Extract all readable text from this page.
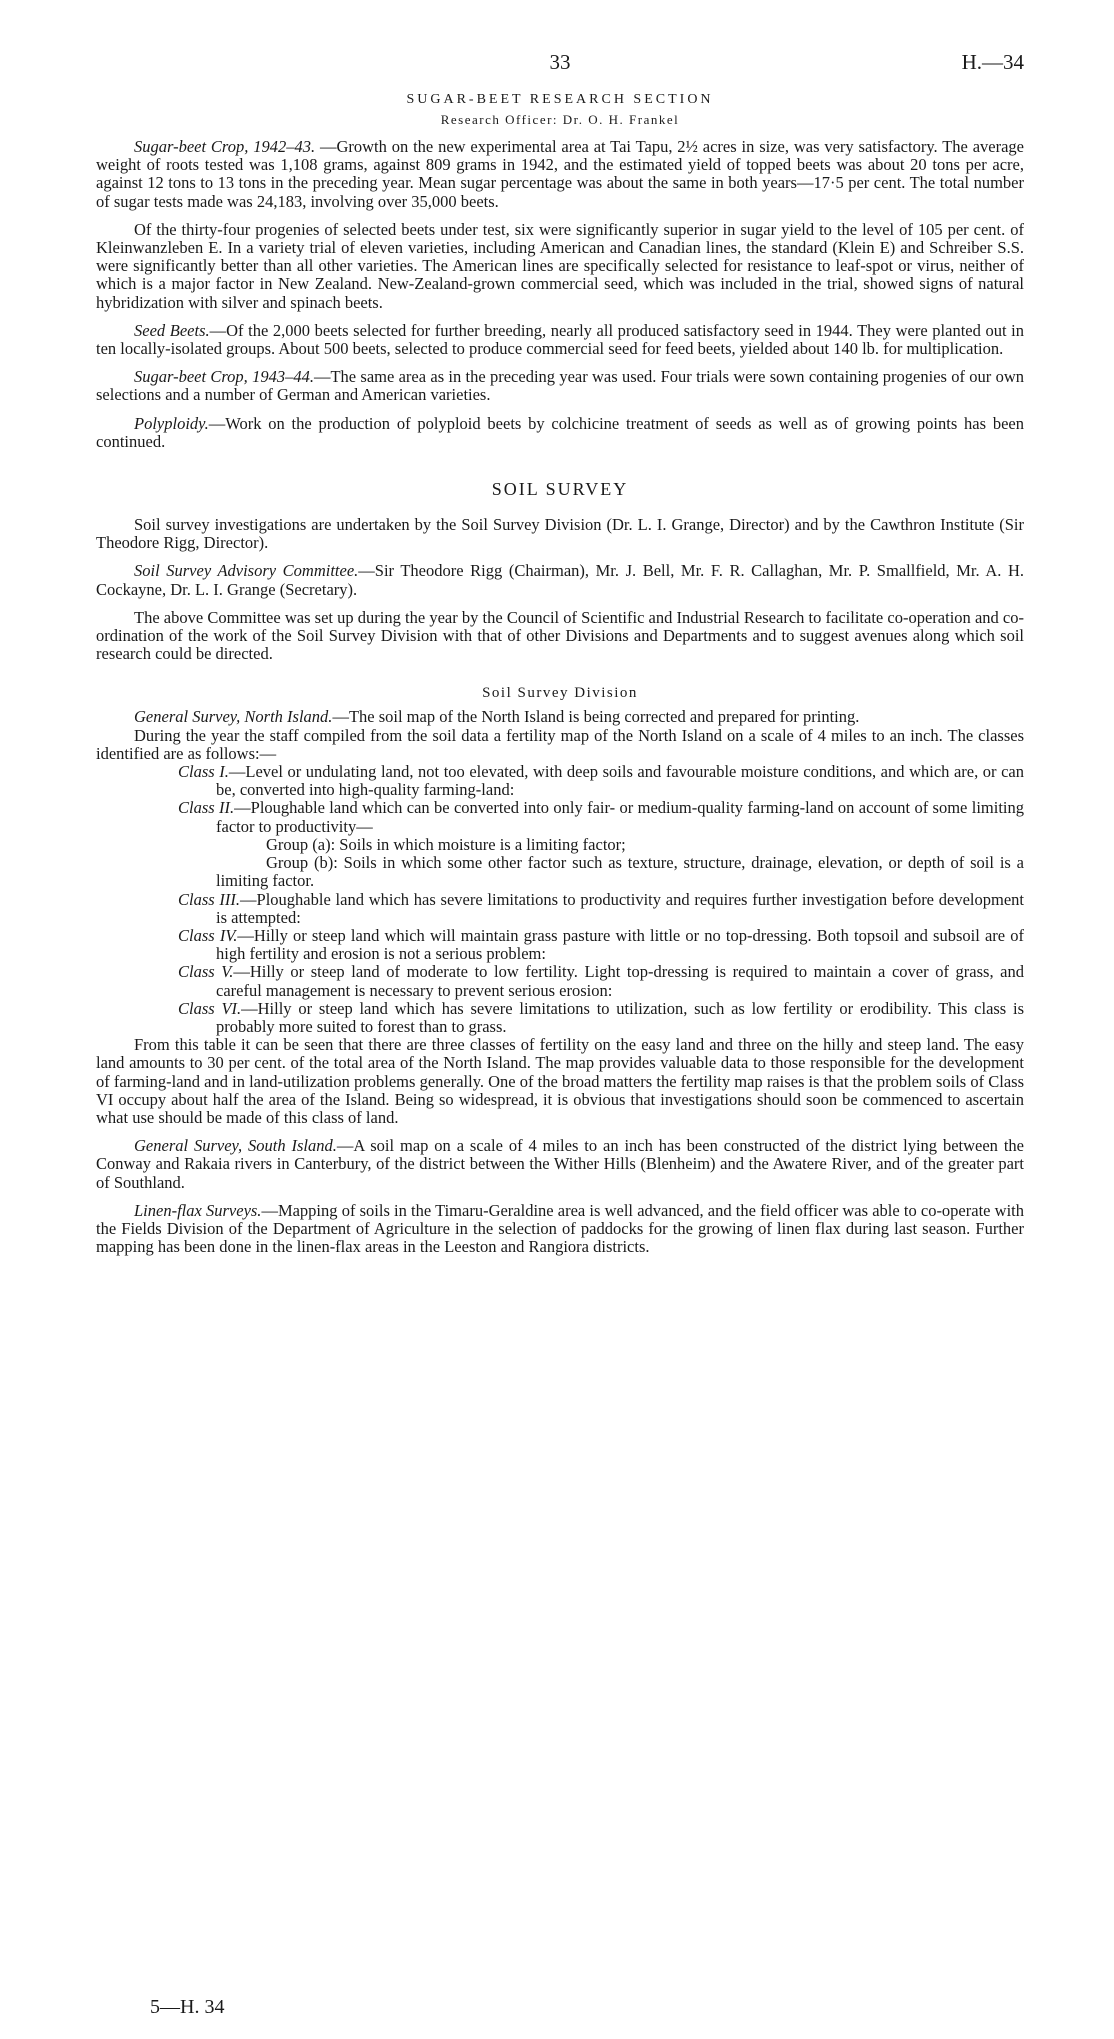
33	H.—34
SUGAR-BEET RESEARCH SECTION
Research Officer: Dr. O. H. Frankel

Sugar-beet Crop, 1942–43. —Growth on the new experimental area at Tai Tapu, 2½ acres in size, was very satisfactory. The average weight of roots tested was 1,108 grams, against 809 grams in 1942, and the estimated yield of topped beets was about 20 tons per acre, against 12 tons to 13 tons in the preceding year. Mean sugar percentage was about the same in both years—17·5 per cent. The total number of sugar tests made was 24,183, involving over 35,000 beets.

Of the thirty-four progenies of selected beets under test, six were significantly superior in sugar yield to the level of 105 per cent. of Kleinwanzleben E. In a variety trial of eleven varieties, including American and Canadian lines, the standard (Klein E) and Schreiber S.S. were significantly better than all other varieties. The American lines are specifically selected for resistance to leaf-spot or virus, neither of which is a major factor in New Zealand. New-Zealand-grown commercial seed, which was included in the trial, showed signs of natural hybridization with silver and spinach beets.

Seed Beets.—Of the 2,000 beets selected for further breeding, nearly all produced satisfactory seed in 1944. They were planted out in ten locally-isolated groups. About 500 beets, selected to produce commercial seed for feed beets, yielded about 140 lb. for multiplication.

Sugar-beet Crop, 1943–44.—The same area as in the preceding year was used. Four trials were sown containing progenies of our own selections and a number of German and American varieties.

Polyploidy.—Work on the production of polyploid beets by colchicine treatment of seeds as well as of growing points has been continued.

SOIL SURVEY

Soil survey investigations are undertaken by the Soil Survey Division (Dr. L. I. Grange, Director) and by the Cawthron Institute (Sir Theodore Rigg, Director).

Soil Survey Advisory Committee.—Sir Theodore Rigg (Chairman), Mr. J. Bell, Mr. F. R. Callaghan, Mr. P. Smallfield, Mr. A. H. Cockayne, Dr. L. I. Grange (Secretary).

The above Committee was set up during the year by the Council of Scientific and Industrial Research to facilitate co-operation and co-ordination of the work of the Soil Survey Division with that of other Divisions and Departments and to suggest avenues along which soil research could be directed.

Soil Survey Division

General Survey, North Island.—The soil map of the North Island is being corrected and prepared for printing.

During the year the staff compiled from the soil data a fertility map of the North Island on a scale of 4 miles to an inch. The classes identified are as follows:—

Class I.—Level or undulating land, not too elevated, with deep soils and favourable moisture conditions, and which are, or can be, converted into high-quality farming-land:
Class II.—Ploughable land which can be converted into only fair- or medium-quality farming-land on account of some limiting factor to productivity—
Group (a): Soils in which moisture is a limiting factor;
Group (b): Soils in which some other factor such as texture, structure, drainage, elevation, or depth of soil is a limiting factor.
Class III.—Ploughable land which has severe limitations to productivity and requires further investigation before development is attempted:
Class IV.—Hilly or steep land which will maintain grass pasture with little or no top-dressing. Both topsoil and subsoil are of high fertility and erosion is not a serious problem:
Class V.—Hilly or steep land of moderate to low fertility. Light top-dressing is required to maintain a cover of grass, and careful management is necessary to prevent serious erosion:
Class VI.—Hilly or steep land which has severe limitations to utilization, such as low fertility or erodibility. This class is probably more suited to forest than to grass.

From this table it can be seen that there are three classes of fertility on the easy land and three on the hilly and steep land. The easy land amounts to 30 per cent. of the total area of the North Island. The map provides valuable data to those responsible for the development of farming-land and in land-utilization problems generally. One of the broad matters the fertility map raises is that the problem soils of Class VI occupy about half the area of the Island. Being so widespread, it is obvious that investigations should soon be commenced to ascertain what use should be made of this class of land.

General Survey, South Island.—A soil map on a scale of 4 miles to an inch has been constructed of the district lying between the Conway and Rakaia rivers in Canterbury, of the district between the Wither Hills (Blenheim) and the Awatere River, and of the greater part of Southland.

Linen-flax Surveys.—Mapping of soils in the Timaru-Geraldine area is well advanced, and the field officer was able to co-operate with the Fields Division of the Department of Agriculture in the selection of paddocks for the growing of linen flax during last season. Further mapping has been done in the linen-flax areas in the Leeston and Rangiora districts.

5—H. 34
